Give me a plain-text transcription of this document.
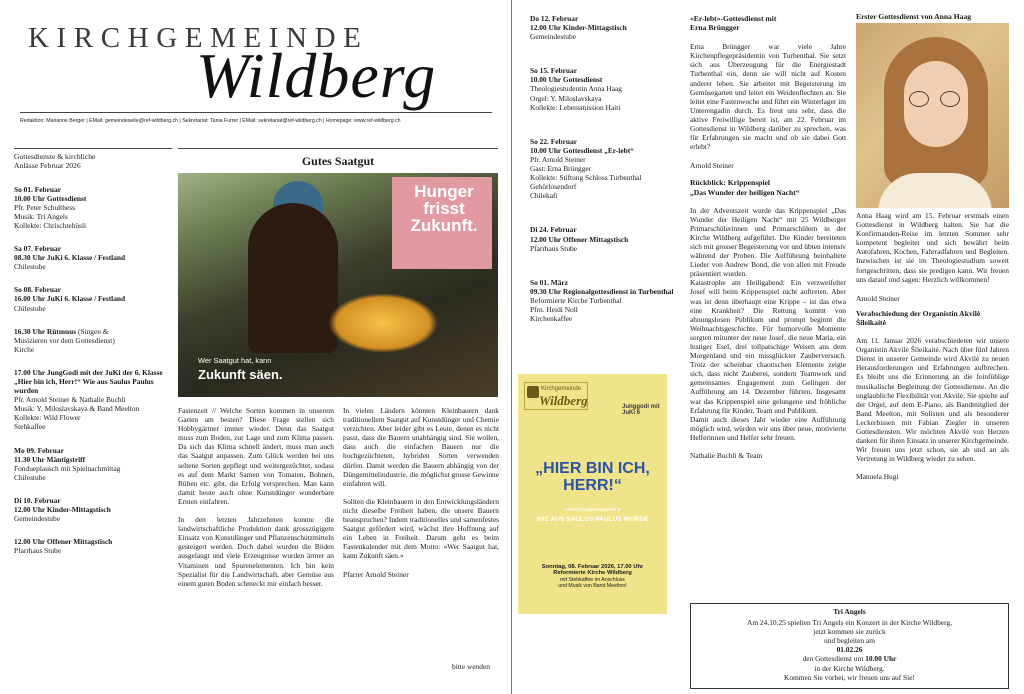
KIRCHGEMEINDE
Wildberg
Redaktion: Marianne Berger | EMail: gemeindeseite@ref-wildberg.ch | Sekretariat: Tania Furrer | EMail: sekretariat@ref-wildberg.ch | Homepage: www.ref-wildberg.ch
Gottesdienste & kirchliche
Anlässe Februar 2026
So 01. Februar
10.00 Uhr Gottesdienst
Pfr. Peter Schulthess
Musik: Tri Angels
Kollekte: Chrischtehüsli
Sa 07. Februar
08.30 Uhr JuKi 6. Klasse / Festland
Chilestube
So 08. Februar
16.00 Uhr JuKi 6. Klasse / Festland
Chilestube
16.30 Uhr Rütmuus (Singen &
Musizieren vor dem Gottesdienst)
Kirche
17.00 Uhr JungGodi mit der JuKi der 6. Klasse „Hier bin ich, Herr!“ Wie aus Saulus Paulus wurden
Pfr. Arnold Steiner & Nathalie Buchli
Musik: Y. Miloslavskaya & Band Meelton
Kollekte: Wild Flower
Stehkaffee
Mo 09. Februar
11.30 Uhr Mäntigstriff
Fondueplausch mit Spielnachmittag
Chilestube
Di 10. Februar
12.00 Uhr Kinder-Mittagstisch
Gemeindestube
12.00 Uhr Offener Mittagstisch
Pfarrhaus Stube
Do 12. Februar
12.00 Uhr Kinder-Mittagstisch
Gemeindestube
So 15. Februar
10.00 Uhr Gottesdienst
Theologiestudentin Anna Haag
Orgel: Y. Miloslavskaya
Kollekte: Lebensmission Haiti
So 22. Februar
10.00 Uhr Gottesdienst „Er-lebt“
Pfr. Arnold Steiner
Gast: Erna Brüngger
Kollekte: Stiftung Schloss Turbenthal
Gehörlosendorf
Chilekafi
Di 24. Februar
12.00 Uhr Offener Mittagstisch
Pfarrhaus Stube
So 01. März
09.30 Uhr Regionalgottesdienst in Turbenthal
Reformierte Kirche Turbenthal
Pfrn. Heidi Noll
Kirchenkaffee
Gutes Saatgut
Hunger frisst Zukunft.
Wer Saatgut hat, kann
Zukunft säen.

Fastenzeit // Welche Sorten kommen in unserem Garten am besten? Diese Frage stellen sich Hobbygärtner immer wieder. Denn das Saatgut muss zum Boden, zur Lage und zum Klima passen. Da sich das Klima schnell ändert, muss man auch das Saatgut anpassen. Zum Glück werden bei uns seltene Sorten gepflegt und weitergezüchtet, sodass es auf dem Markt Samen von Tomaten, Bohnen, Rüben etc. gibt, die Erfolg versprechen. Man kann damit heute auch ohne Kunstdünger wunderbare Ernten einfahren.

In den letzten Jahrzehnten konnte die landwirtschaftliche Produktion dank grosszügigem Einsatz von Kunstdünger und Pflanzenschutzmitteln gesteigert werden. Doch dabei wurden die Böden ausgelaugt und viele Erzeugnisse wurden ärmer an Vitaminen und Spurenelementen. Ich bin kein Spezialist für die Landwirtschaft, aber Gemüse aus einem guten Boden schmeckt mir einfach besser.

In vielen Ländern könnten Kleinbauern dank traditionellem Saatgut auf Kunstdünger und Chemie verzichten. Aber leider gibt es Leute, denen es nicht passt, dass die Bauern unabhängig sind. Sie wollen, dass auch die einfachen Bauern nur die hochgezüchteten, hybriden Sorten verwenden dürfen. Damit werden die Bauern abhängig von der Düngemittelindustrie, die möglichst grosse Gewinne einfahren will.

Sollten die Kleinbauern in den Entwicklungsländern nicht dieselbe Freiheit haben, die unsere Bauern beanspruchen? Indem traditionelles und samenfestes Saatgut gefördert wird, wächst ihre Hoffnung auf ein Leben in Freiheit. Darum geht es beim Fastenkalender mit dem Motto: «Wer Saatgut hat, kann Zukunft säen.»

Pfarrer Arnold Steiner

bitte wenden
Kirchgemeinde
Wildberg	Junggodi mit JuKi 6
„HIER BIN ICH, HERR!“
APOSTELGESCHICHTE 9
WIE AUS SAULUS PAULUS WURDE
Sonntag, 08. Februar 2026, 17.00 Uhr
Reformierte Kirche Wildberg
mit Stehkaffee im Anschluss
und Musik von Band Meelton!
«Er-lebt»-Gottesdienst mit
Erna Brüngger

Erna Brüngger war viele Jahre Kirchenpflegepräsidentin von Turbenthal. Sie setzt sich aus Überzeugung für die Energiestadt Turbenthal ein, denn sie will nicht auf Kosten anderer leben. Sie arbeitet mit Begeisterung im Gemüsegarten und leitet ein Weidenflechten an. Sie leitet eine Fastenwoche und führt ein Winterlager im Unterengadin durch. Es freut uns sehr, dass die aktive Freiwillige bereit ist, am 22. Februar im Gottesdienst in Wildberg darüber zu sprechen, was für Erfahrungen sie macht und ob sie dabei Gott erlebt?

Arnold Steiner

Rückblick: Krippenspiel
„Das Wunder der heiligen Nacht“

In der Adventszeit wurde das Krippenspiel „Das Wunder der Heiligen Nacht“ mit 25 Wildberger Primarschülerinnen und Primarschülern in der Kirche Wildberg aufgeführt. Die Kinder bereiteten sich mit grosser Begeisterung vor und übten intensiv während der Proben. Die Aufführung beinhaltete Lieder von Andrew Bond, die von allen mit Freude präsentiert wurden.

Katastrophe am Heiligabend: Ein verzweifelter Josef will beim Krippenspiel nicht auftreten. Aber was ist denn überhaupt eine Krippe – ist das etwa eine Krankheit? Die Rettung kommt von ahnungslosen Publikum und prompt beginnt die Weihnachtsgeschichte. Für humorvolle Momente sorgten mitunter der neue Josef, die neue Maria, ein lustiger Esel, drei tollpatschige Weisen aus dem Morgenland und ein missglückter Zauberversuch. Trotz der scheinbar chaotischen Elemente zeigte sich, dass nicht Zauberei, sondern Teamwork und gemeinsames Engagement zum Gelingen der Aufführung am 14. Dezember führten. Insgesamt war das Krippenspiel eine gelungene und fröhliche Erfahrung für Kinder, Team und Publikum.

Damit auch dieses Jahr wieder eine Aufführung möglich wird, würden wir uns über neue, motivierte Helferinnen und Helfer sehr freuen.

Nathalie Buchli & Team

Erster Gottesdienst von Anna Haag

Anna Haag wird am 15. Februar erstmals einen Gottesdienst in Wildberg halten. Sie hat die Konfirmanden-Reise im letzten Sommer sehr kompetent begleitet und sich bewährt beim Autofahren, Kochen, Fahrradfahren und Begleiten. Inzwischen ist sie im Theologiestudium soweit fortgeschritten, dass sie predigen kann. Wir freuen uns darauf und sagen: Herzlich willkommen!

Arnold Steiner

Verabschiedung der Organistin Akvilė
Šileikaitė

Am 11. Januar 2026 verabschiedeten wir unsere Organistin Akvilė Šileikaitė. Nach über fünf Jahren Dienst in unserer Gemeinde wird Akvilė zu neuen Herausforderungen und Erfahrungen aufbrechen. Es bleibt uns die Erinnerung an die feinfühlige musikalische Begleitung der Gottesdienste. An die unglaubliche Flexibilität von Akvilė: Sie spielte auf der Orgel, auf dem E-Piano, als Bandmitglied der Band Meelton, mit Solisten und als besonderer Leckerbissen mit Fabian Ziegler in unseren Gottesdiensten. Wir möchten Akvilė von Herzen danken für ihren Einsatz in unserer Kirchgemeinde. Wir freuen uns jetzt schon, sie ab und an als Vertretung in Wildberg wieder zu sehen.

Manuela Hugi

Tri Angels
Am 24.10.25 spielten Tri Angels ein Konzert in der Kirche Wildberg,
jetzt kommen sie zurück
und begleiten am
01.02.26
den Gottesdienst um 10.00 Uhr
in der Kirche Wildberg.
Kommen Sie vorbei, wir freuen uns auf Sie!
